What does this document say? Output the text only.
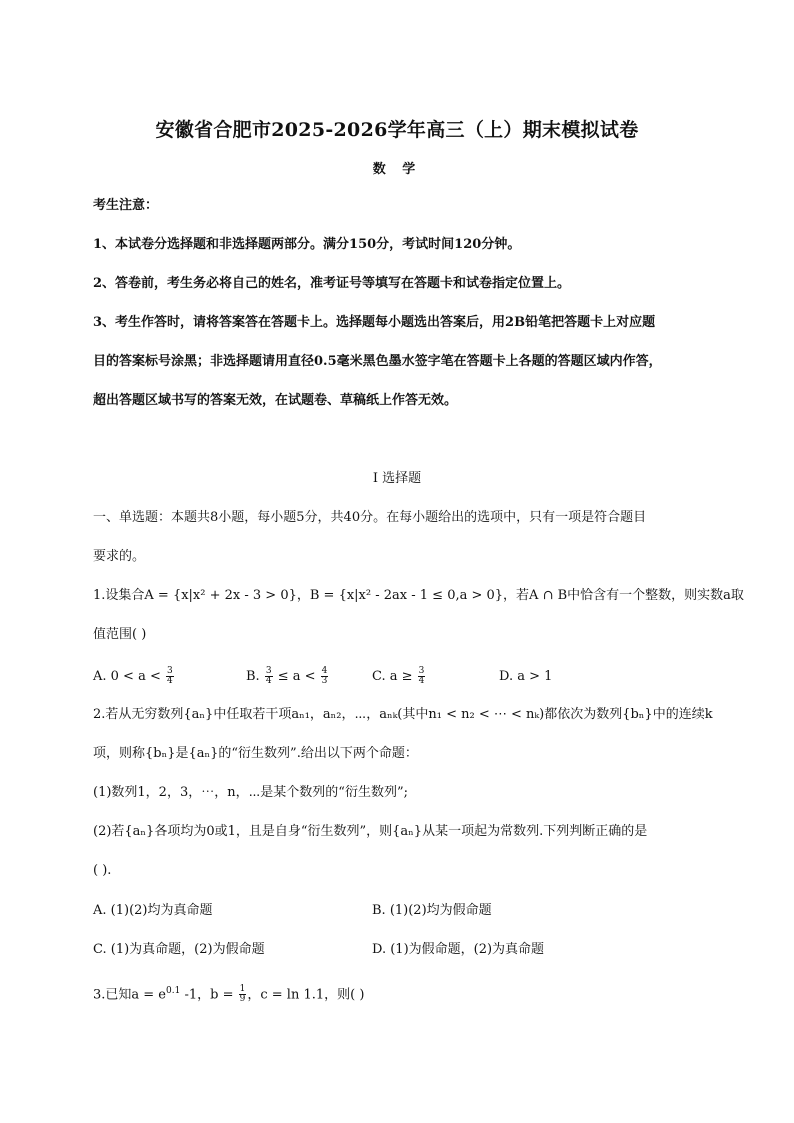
安徽省合肥市2025-2026学年高三（上）期末模拟试卷
数 学
考生注意：
1、本试卷分选择题和非选择题两部分。满分150分，考试时间120分钟。
2、答卷前，考生务必将自己的姓名，准考证号等填写在答题卡和试卷指定位置上。
3、考生作答时，请将答案答在答题卡上。选择题每小题选出答案后，用2B铅笔把答题卡上对应题
目的答案标号涂黑；非选择题请用直径0.5毫米黑色墨水签字笔在答题卡上各题的答题区域内作答，
超出答题区域书写的答案无效，在试题卷、草稿纸上作答无效。
I 选择题
一、单选题：本题共8小题，每小题5分，共40分。在每小题给出的选项中，只有一项是符合题目
要求的。
1.设集合A = {x|x² + 2x - 3 > 0}，B = {x|x² - 2ax - 1 ≤ 0,a > 0}，若A ∩ B中恰含有一个整数，则实数a取
值范围( )
A. $0 < a < \frac{3}{4}$	B. $\frac{3}{4} \le a < \frac{4}{3}$	C. $a \ge \frac{3}{4}$	D. a > 1
2.若从无穷数列{aₙ}中任取若干项aₙ₁，aₙ₂，⋯，aₙₖ(其中n₁ < n₂ < ⋯ < nₖ)都依次为数列{bₙ}中的连续k
项，则称{bₙ}是{aₙ}的“衍生数列”.给出以下两个命题：
(1)数列1，2，3，⋯，n，⋯是某个数列的“衍生数列”;
(2)若{aₙ}各项均为0或1，且是自身“衍生数列”，则{aₙ}从某一项起为常数列.下列判断正确的是
( ).
A. (1)(2)均为真命题	B. (1)(2)均为假命题
C. (1)为真命题，(2)为假命题	D. (1)为假命题，(2)为真命题
3.已知$a = e^{0.1}$ -1，$b = \frac{1}{9}$ ，c = ln 1.1，则( )
